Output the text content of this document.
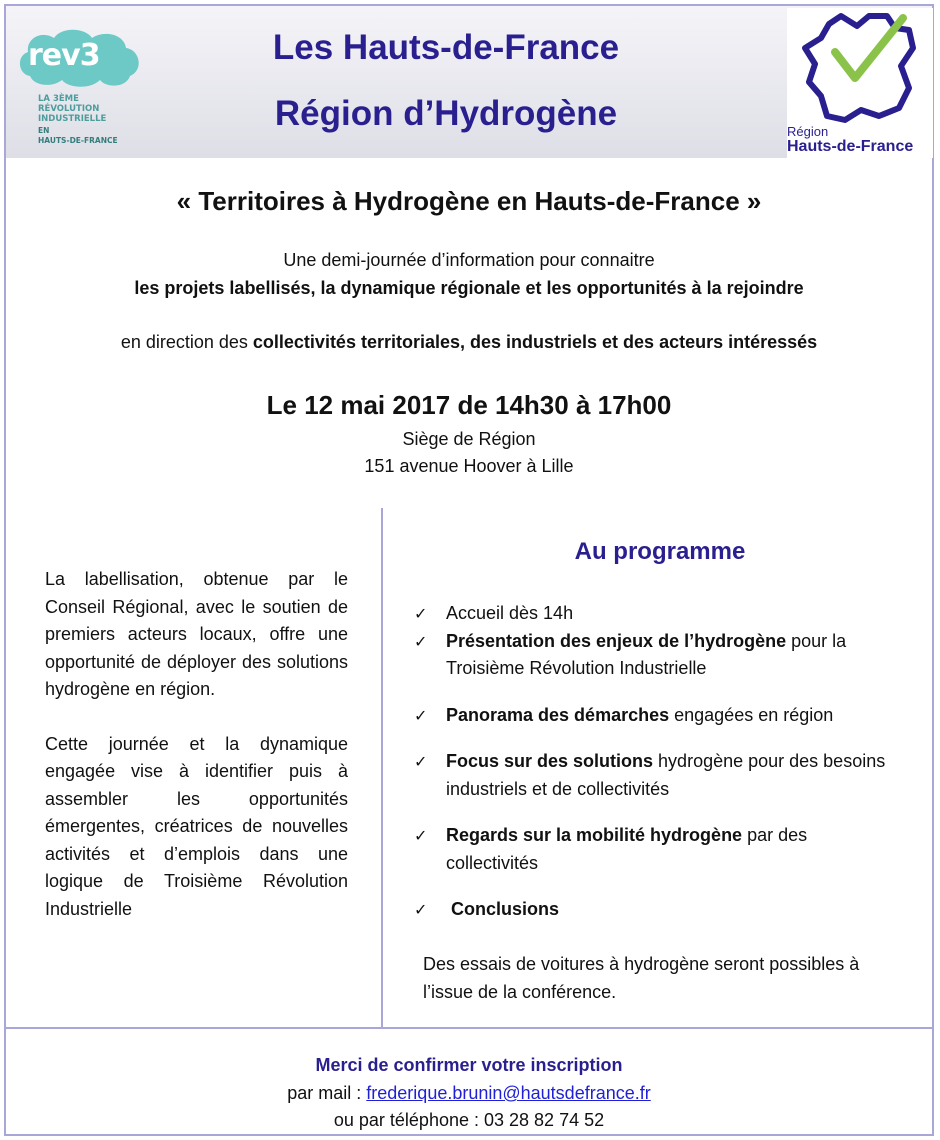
rev3
LA 3ÈME
RÉVOLUTION
INDUSTRIELLE
EN
HAUTS-DE-FRANCE
Les Hauts-de-France
Région d’Hydrogène	Région
Hauts-de-France
« Territoires à Hydrogène en Hauts-de-France »
Une demi-journée d’information pour connaitre
les projets labellisés, la dynamique régionale et les opportunités à la rejoindre
en direction des collectivités territoriales, des industriels et des acteurs intéressés
Le 12 mai 2017 de 14h30 à 17h00
Siège de Région
151 avenue Hoover à Lille

La labellisation, obtenue par le Conseil Régional, avec le soutien de premiers acteurs locaux, offre une opportunité de déployer des solutions hydrogène en région.

Cette journée et la dynamique engagée vise à identifier puis à assembler les opportunités émergentes, créatrices de nouvelles activités et d’emplois dans une logique de Troisième Révolution Industrielle

Au programme
✓ Accueil dès 14h
✓ Présentation des enjeux de l’hydrogène pour la Troisième Révolution Industrielle
✓ Panorama des démarches engagées en région
✓ Focus sur des solutions hydrogène pour des besoins industriels et de collectivités
✓ Regards sur la mobilité hydrogène par des collectivités
✓ Conclusions
Des essais de voitures à hydrogène seront possibles à l’issue de la conférence.
Merci de confirmer votre inscription
par mail : frederique.brunin@hautsdefrance.fr
ou par téléphone : 03 28 82 74 52
